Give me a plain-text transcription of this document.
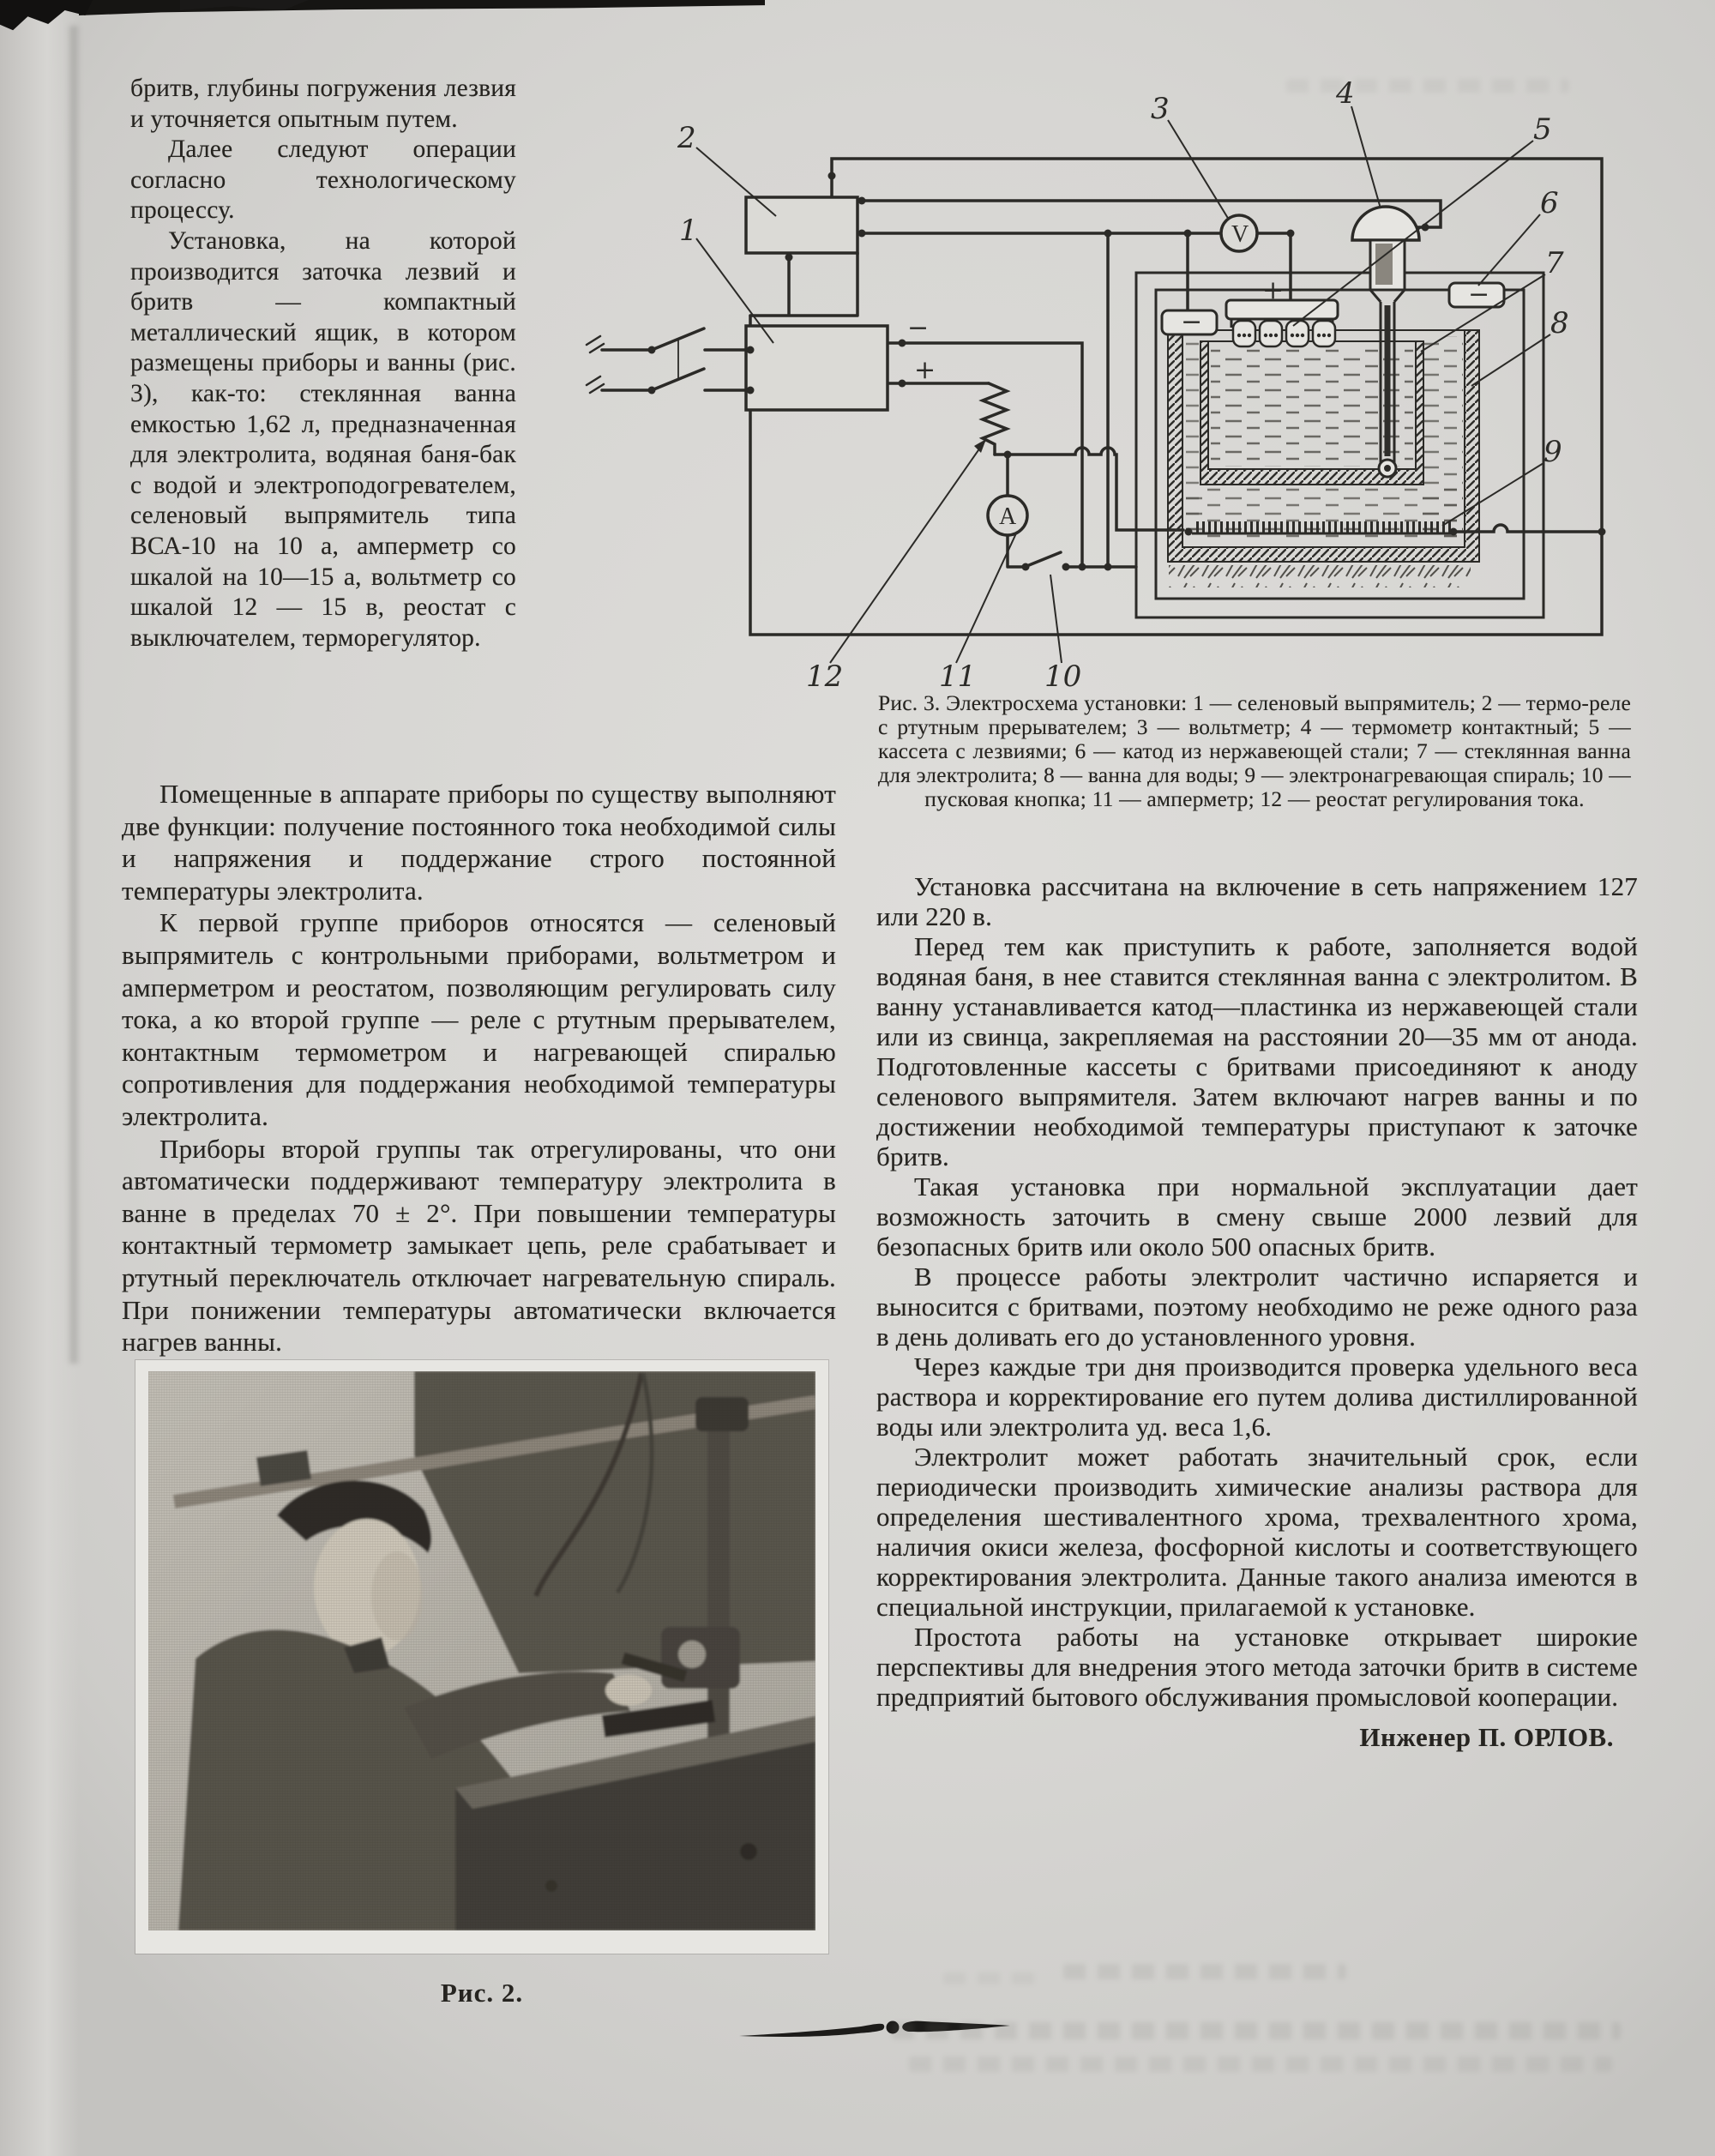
бритв, глубины погружения лезвия и уточняется опытным путем.

Далее следуют операции согласно технологическому процессу.

Установка, на которой производится заточка лезвий и бритв — компактный металлический ящик, в котором размещены приборы и ванны (рис. 3), как-то: стеклянная ванна емкостью 1,62 л, предназначенная для электролита, водяная баня-бак с водой и электроподогревателем, селеновый выпрямитель типа ВСА-10 на 10 а, амперметр со шкалой на 10—15 а, вольтметр со шкалой 12 — 15 в, реостат с выключателем, терморегулятор.

Помещенные в аппарате приборы по существу выполняют две функции: получение постоянного тока необходимой силы и напряжения и поддержание строго постоянной температуры электролита.

К первой группе приборов относятся — селеновый выпрямитель с контрольными приборами, вольтметром и амперметром и реостатом, позволяющим регулировать силу тока, а ко второй группе — реле с ртутным прерывателем, контактным термометром и нагревающей спиралью сопротивления для поддержания необходимой температуры электролита.

Приборы второй группы так отрегулированы, что они автоматически поддерживают температуру электролита в ванне в пределах 70 ± 2°. При повышении температуры контактный термометр замыкает цепь, реле срабатывает и ртутный переключатель отключает нагревательную спираль. При понижении температуры автоматически включается нагрев ванны.

−
−
V
A
2
1
3	4
5
6
7
8
9
10
11
12
−
+
+
Рис. 3. Электросхема установки: 1 — селеновый выпрямитель; 2 — термо-реле с ртутным прерывателем; 3 — вольтметр; 4 — термометр контактный; 5 — кассета с лезвиями; 6 — катод из нержавеющей стали; 7 — стеклянная ванна для электролита; 8 — ванна для воды; 9 — электронагревающая спираль; 10 — пусковая кнопка; 11 — амперметр; 12 — реостат регулирования тока.

Установка рассчитана на включение в сеть напряжением 127 или 220 в.

Перед тем как приступить к работе, заполняется водой водяная баня, в нее ставится стеклянная ванна с электролитом. В ванну устанавливается катод—пластинка из нержавеющей стали или из свинца, закрепляемая на расстоянии 20—35 мм от анода. Подготовленные кассеты с бритвами присоединяют к аноду селенового выпрямителя. Затем включают нагрев ванны и по достижении необходимой температуры приступают к заточке бритв.

Такая установка при нормальной эксплуатации дает возможность заточить в смену свыше 2000 лезвий для безопасных бритв или около 500 опасных бритв.

В процессе работы электролит частично испаряется и выносится с бритвами, поэтому необходимо не реже одного раза в день доливать его до установленного уровня.

Через каждые три дня производится проверка удельного веса раствора и корректирование его путем долива дистиллированной воды или электролита уд. веса 1,6.

Электролит может работать значительный срок, если периодически производить химические анализы раствора для определения шестивалентного хрома, трехвалентного хрома, наличия окиси железа, фосфорной кислоты и соответствующего корректирования электролита. Данные такого анализа имеются в специальной инструкции, прилагаемой к установке.

Простота работы на установке открывает широкие перспективы для внедрения этого метода заточки бритв в системе предприятий бытового обслуживания промысловой кооперации.

Инженер П. ОРЛОВ.
Рис. 2.
